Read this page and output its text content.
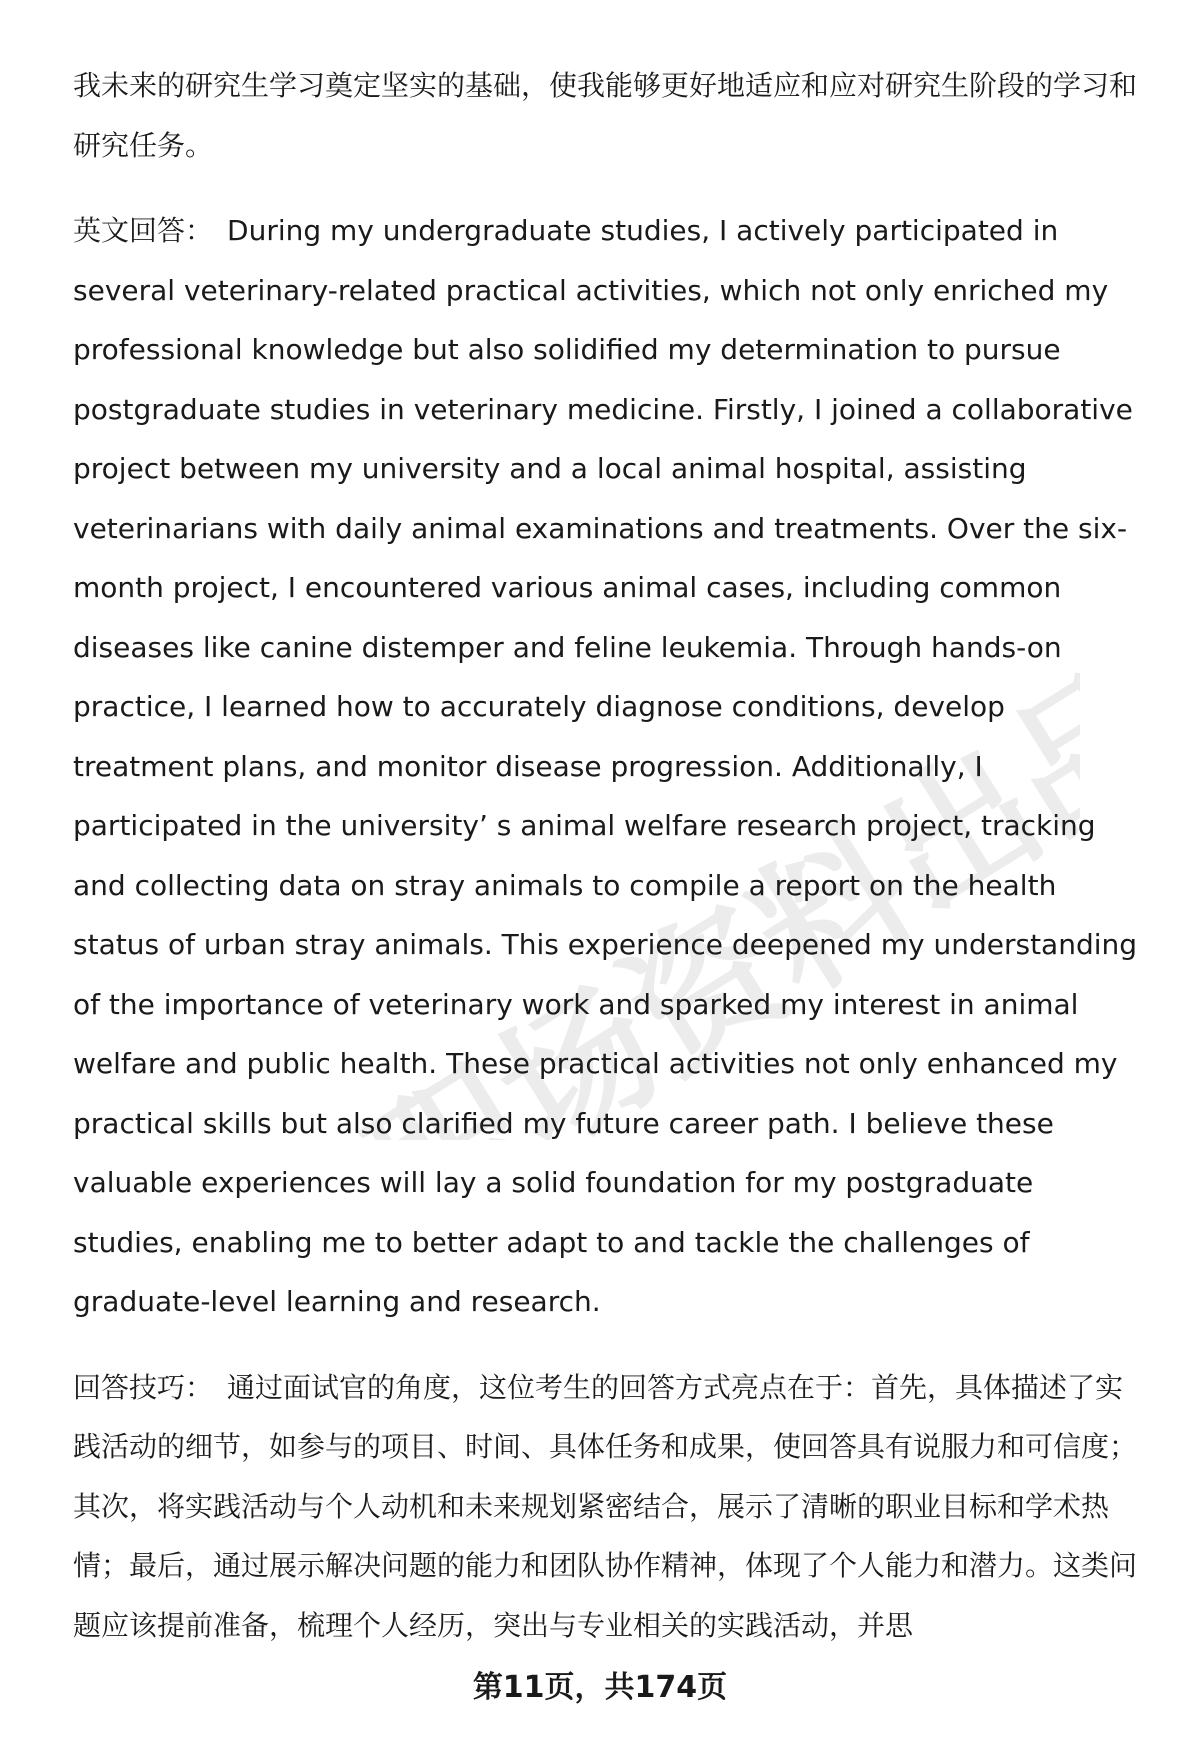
职场资料出品

我未来的研究生学习奠定坚实的基础，使我能够更好地适应和应对研究生阶段的学习和研究任务。

英文回答： During my undergraduate studies, I actively participated in several veterinary-related practical activities, which not only enriched my professional knowledge but also solidified my determination to pursue postgraduate studies in veterinary medicine. Firstly, I joined a collaborative project between my university and a local animal hospital, assisting veterinarians with daily animal examinations and treatments. Over the six-month project, I encountered various animal cases, including common diseases like canine distemper and feline leukemia. Through hands-on practice, I learned how to accurately diagnose conditions, develop treatment plans, and monitor disease progression. Additionally, I participated in the university’ s animal welfare research project, tracking and collecting data on stray animals to compile a report on the health status of urban stray animals. This experience deepened my understanding of the importance of veterinary work and sparked my interest in animal welfare and public health. These practical activities not only enhanced my practical skills but also clarified my future career path. I believe these valuable experiences will lay a solid foundation for my postgraduate studies, enabling me to better adapt to and tackle the challenges of graduate-level learning and research.

回答技巧： 通过面试官的角度，这位考生的回答方式亮点在于：首先，具体描述了实践活动的细节，如参与的项目、时间、具体任务和成果，使回答具有说服力和可信度；其次，将实践活动与个人动机和未来规划紧密结合，展示了清晰的职业目标和学术热情；最后，通过展示解决问题的能力和团队协作精神，体现了个人能力和潜力。这类问题应该提前准备，梳理个人经历，突出与专业相关的实践活动，并思

第11页，共174页
